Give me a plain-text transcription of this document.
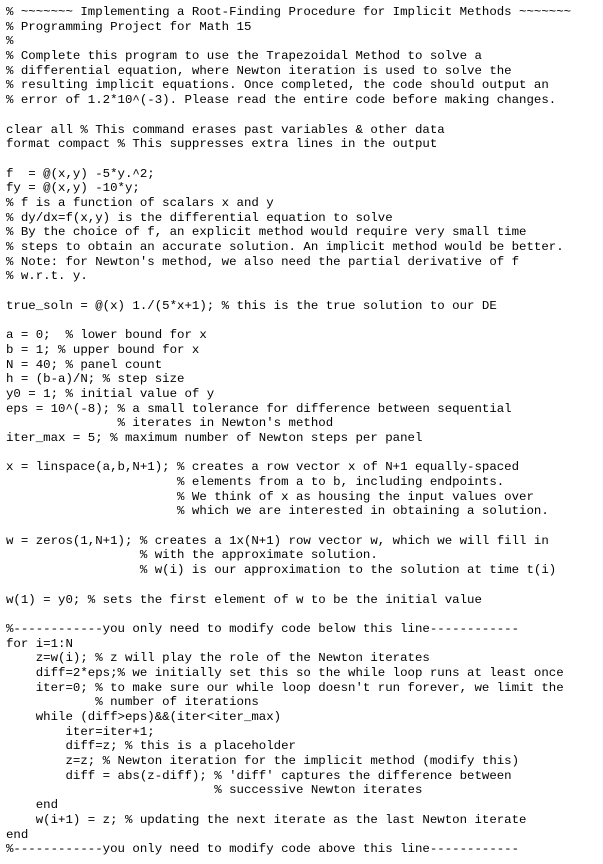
% ~~~~~~~ Implementing a Root-Finding Procedure for Implicit Methods ~~~~~~~
% Programming Project for Math 15
%
% Complete this program to use the Trapezoidal Method to solve a
% differential equation, where Newton iteration is used to solve the
% resulting implicit equations. Once completed, the code should output an
% error of 1.2*10^(-3). Please read the entire code before making changes.
clear all % This command erases past variables & other data
format compact % This suppresses extra lines in the output
f  = @(x,y) -5*y.^2;
fy = @(x,y) -10*y;
% f is a function of scalars x and y
% dy/dx=f(x,y) is the differential equation to solve
% By the choice of f, an explicit method would require very small time
% steps to obtain an accurate solution. An implicit method would be better.
% Note: for Newton's method, we also need the partial derivative of f
% w.r.t. y.
true_soln = @(x) 1./(5*x+1); % this is the true solution to our DE
a = 0;  % lower bound for x
b = 1; % upper bound for x
N = 40; % panel count
h = (b-a)/N; % step size
y0 = 1; % initial value of y
eps = 10^(-8); % a small tolerance for difference between sequential
% iterates in Newton's method
iter_max = 5; % maximum number of Newton steps per panel
x = linspace(a,b,N+1); % creates a row vector x of N+1 equally-spaced
% elements from a to b, including endpoints.
% We think of x as housing the input values over
% which we are interested in obtaining a solution.
w = zeros(1,N+1); % creates a 1x(N+1) row vector w, which we will fill in
% with the approximate solution.
% w(i) is our approximation to the solution at time t(i)
w(1) = y0; % sets the first element of w to be the initial value
%------------you only need to modify code below this line------------
for i=1:N
z=w(i); % z will play the role of the Newton iterates
diff=2*eps;% we initially set this so the while loop runs at least once
iter=0; % to make sure our while loop doesn't run forever, we limit the
% number of iterations
while (diff>eps)&&(iter<iter_max)
iter=iter+1;
diff=z; % this is a placeholder
z=z; % Newton iteration for the implicit method (modify this)
diff = abs(z-diff); % 'diff' captures the difference between
% successive Newton iterates
end
w(i+1) = z; % updating the next iterate as the last Newton iterate
end
%------------you only need to modify code above this line------------
